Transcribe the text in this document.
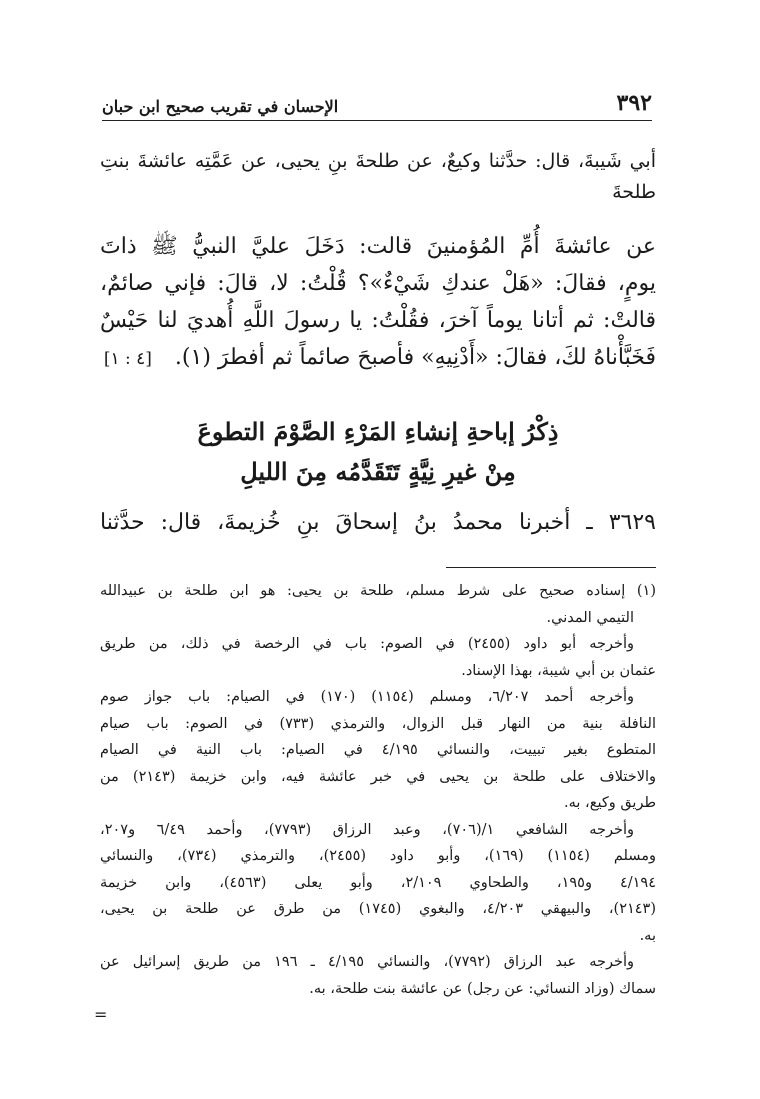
٣٩٢
الإحسان في تقريب صحيح ابن حبان
أبي شَيبةَ، قال: حدَّثنا وكيعٌ، عن طلحةَ بنِ يحيى، عن عَمَّتِه عائشةَ بنتِ
طلحةَ
عن عائشةَ أُمِّ المُؤمنينَ قالت: دَخَلَ عليَّ النبيُّ ﷺ ذاتَ
يومٍ، فقالَ: «هَلْ عندكِ شَيْءٌ»؟ قُلْتُ: لا، قالَ: فإني صائمٌ،
قالتْ: ثم أتانا يوماً آخرَ، فقُلْتُ: يا رسولَ اللَّهِ أُهديَ لنا حَيْسٌ
فَخَبَّأْناهُ لكَ، فقالَ: «أَدْنِيهِ» فأصبحَ صائماً ثم أفطرَ (١). [٤ : ١]
ذِكْرُ إباحةِ إنشاءِ المَرْءِ الصَّوْمَ التطوعَ
مِنْ غيرِ نِيَّةٍ تَتَقَدَّمُه مِنَ الليلِ
٣٦٢٩ ـ أخبرنا محمدُ بنُ إسحاقَ بنِ خُزيمةَ، قال: حدَّثنا
(١) إسناده صحيح على شرط مسلم، طلحة بن يحيى: هو ابن طلحة بن عبيدالله
التيمي المدني.
وأخرجه أبو داود (٢٤٥٥) في الصوم: باب في الرخصة في ذلك، من طريق
عثمان بن أبي شيبة، بهذا الإسناد.
وأخرجه أحمد ٦/٢٠٧، ومسلم (١١٥٤) (١٧٠) في الصيام: باب جواز صوم
النافلة بنية من النهار قبل الزوال، والترمذي (٧٣٣) في الصوم: باب صيام
المتطوع بغير تبييت، والنسائي ٤/١٩٥ في الصيام: باب النية في الصيام
والاختلاف على طلحة بن يحيى في خبر عائشة فيه، وابن خزيمة (٢١٤٣) من
طريق وكيع، به.
وأخرجه الشافعي ١/(٧٠٦)، وعبد الرزاق (٧٧٩٣)، وأحمد ٦/٤٩ و٢٠٧،
ومسلم (١١٥٤) (١٦٩)، وأبو داود (٢٤٥٥)، والترمذي (٧٣٤)، والنسائي
٤/١٩٤ و١٩٥، والطحاوي ٢/١٠٩، وأبو يعلى (٤٥٦٣)، وابن خزيمة
(٢١٤٣)، والبيهقي ٤/٢٠٣، والبغوي (١٧٤٥) من طرق عن طلحة بن يحيى،
به.
وأخرجه عبد الرزاق (٧٧٩٢)، والنسائي ٤/١٩٥ ـ ١٩٦ من طريق إسرائيل عن
سماك (وزاد النسائي: عن رجل) عن عائشة بنت طلحة، به.
=
